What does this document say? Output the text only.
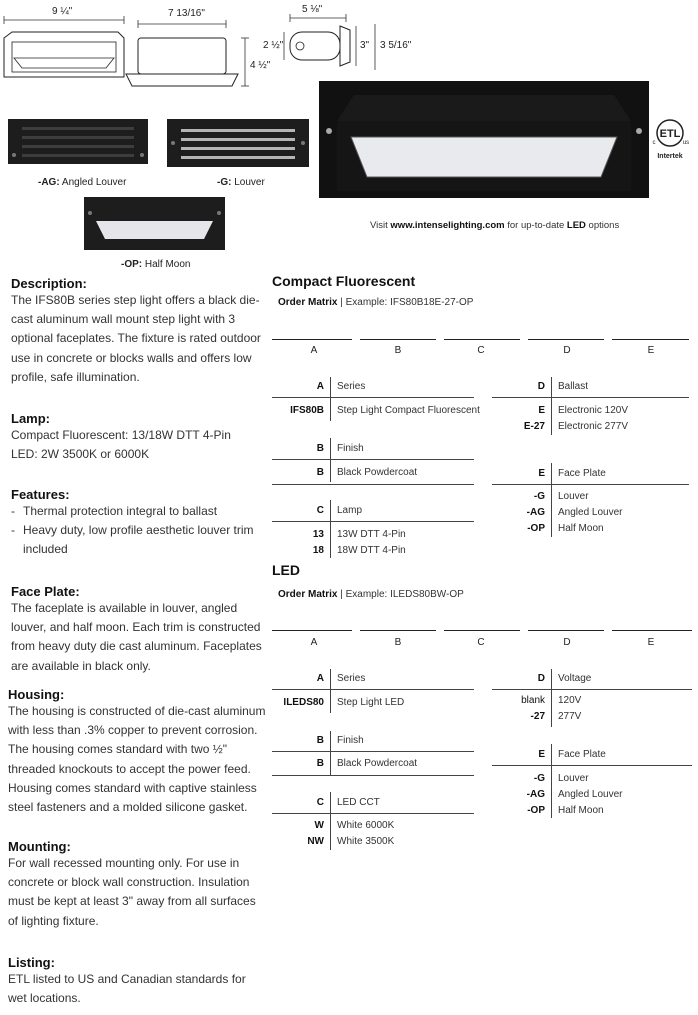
9 ¼"	7 13/16"
4 ½"
5 ⅛"
2 ½"	3" 3 5/16"
-AG: Angled Louver	-G: Louver
-OP: Half Moon
ETL
c	us
Intertek
Visit www.intenselighting.com for up-to-date LED options
Description:
The IFS80B series step light offers a black die-cast aluminum wall mount step light with 3 optional faceplates. The fixture is rated outdoor use in concrete or blocks walls and offers low profile, safe illumination.
Lamp:
Compact Fluorescent: 13/18W DTT 4-Pin
LED: 2W 3500K or 6000K
Features:
- Thermal protection integral to ballast
- Heavy duty, low profile aesthetic louver trim included
Face Plate:
The faceplate is available in louver, angled louver, and half moon. Each trim is constructed from heavy duty die cast aluminum. Faceplates are available in black only.
Housing:
The housing is constructed of die-cast aluminum with less than .3% copper to prevent corrosion. The housing comes standard with two ½" threaded knockouts to accept the power feed. Housing comes standard with captive stainless steel fasteners and a molded silicone gasket.
Mounting:
For wall recessed mounting only. For use in concrete or block wall construction. Insulation must be kept at least 3" away from all surfaces of lighting fixture.
Listing:
ETL listed to US and Canadian standards for wet locations.
Compact Fluorescent
Order Matrix | Example: IFS80B18E-27-OP
A	B	C	D	E
A Series
IFS80B Step Light Compact Fluorescent
B Finish
B Black Powdercoat
C Lamp
13 13W DTT 4-Pin
18 18W DTT 4-Pin
D Ballast
E Electronic 120V
E-27 Electronic 277V
E Face Plate
-G Louver
-AG Angled Louver
-OP Half Moon
LED
Order Matrix | Example: ILEDS80BW-OP
A	B	C	D	E
A Series
ILEDS80 Step Light LED
B Finish
B Black Powdercoat
C LED CCT
W White 6000K
NW White 3500K
D Voltage
blank 120V
-27 277V
E Face Plate
-G Louver
-AG Angled Louver
-OP Half Moon
